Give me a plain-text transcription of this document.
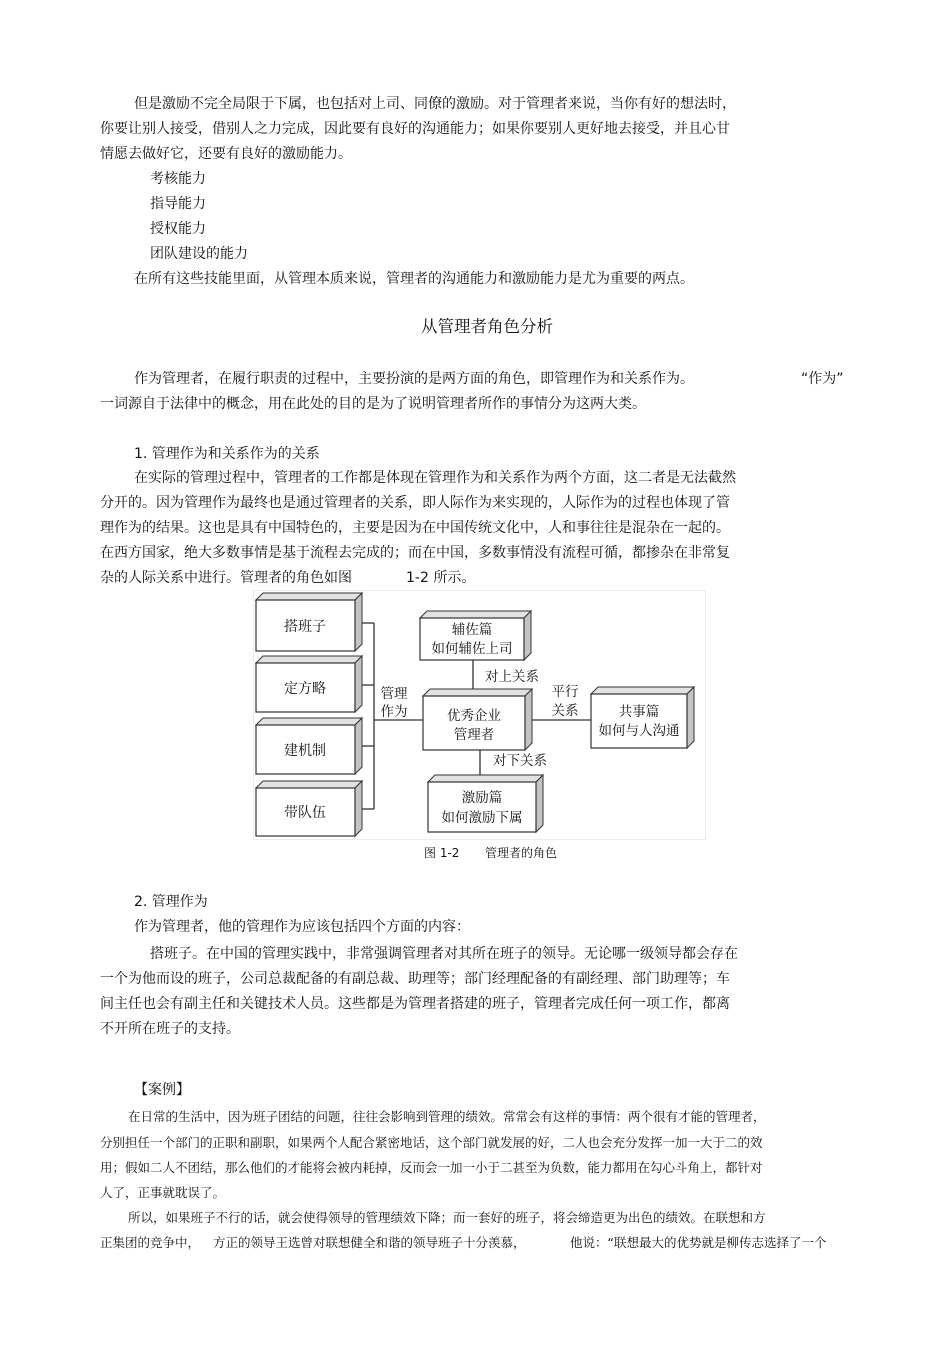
但是激励不完全局限于下属，也包括对上司、同僚的激励。对于管理者来说，当你有好的想法时，
你要让别人接受，借别人之力完成，因此要有良好的沟通能力；如果你要别人更好地去接受，并且心甘
情愿去做好它，还要有良好的激励能力。
考核能力
指导能力
授权能力
团队建设的能力
在所有这些技能里面，从管理本质来说，管理者的沟通能力和激励能力是尤为重要的两点。
从管理者角色分析
作为管理者，在履行职责的过程中，主要扮演的是两方面的角色，即管理作为和关系作为。	“作为”
一词源自于法律中的概念，用在此处的目的是为了说明管理者所作的事情分为这两大类。
1. 管理作为和关系作为的关系
在实际的管理过程中，管理者的工作都是体现在管理作为和关系作为两个方面，这二者是无法截然
分开的。因为管理作为最终也是通过管理者的关系，即人际作为来实现的，人际作为的过程也体现了管
理作为的结果。这也是具有中国特色的，主要是因为在中国传统文化中，人和事往往是混杂在一起的。
在西方国家，绝大多数事情是基于流程去完成的；而在中国，多数事情没有流程可循，都掺杂在非常复
杂的人际关系中进行。管理者的角色如图	1-2 所示。
搭班子
定方略
建机制
带队伍
管理
作为
辅佐篇
如何辅佐上司
对上关系
优秀企业
管理者
平行
关系	共事篇
如何与人沟通
对下关系
激励篇
如何激励下属
图 1-2 管理者的角色
2. 管理作为
作为管理者，他的管理作为应该包括四个方面的内容：
搭班子。在中国的管理实践中，非常强调管理者对其所在班子的领导。无论哪一级领导都会存在
一个为他而设的班子，公司总裁配备的有副总裁、助理等；部门经理配备的有副经理、部门助理等；车
间主任也会有副主任和关键技术人员。这些都是为管理者搭建的班子，管理者完成任何一项工作，都离
不开所在班子的支持。
【案例】
在日常的生活中，因为班子团结的问题，往往会影响到管理的绩效。常常会有这样的事情：两个很有才能的管理者，
分别担任一个部门的正职和副职，如果两个人配合紧密地话，这个部门就发展的好，二人也会充分发挥一加一大于二的效
用；假如二人不团结，那么他们的才能将会被内耗掉，反而会一加一小于二甚至为负数，能力都用在勾心斗角上，都针对
人了，正事就耽误了。
所以，如果班子不行的话，就会使得领导的管理绩效下降；而一套好的班子，将会缔造更为出色的绩效。在联想和方
正集团的竞争中， 方正的领导王选曾对联想健全和谐的领导班子十分羡慕，	他说：“联想最大的优势就是柳传志选择了一个
